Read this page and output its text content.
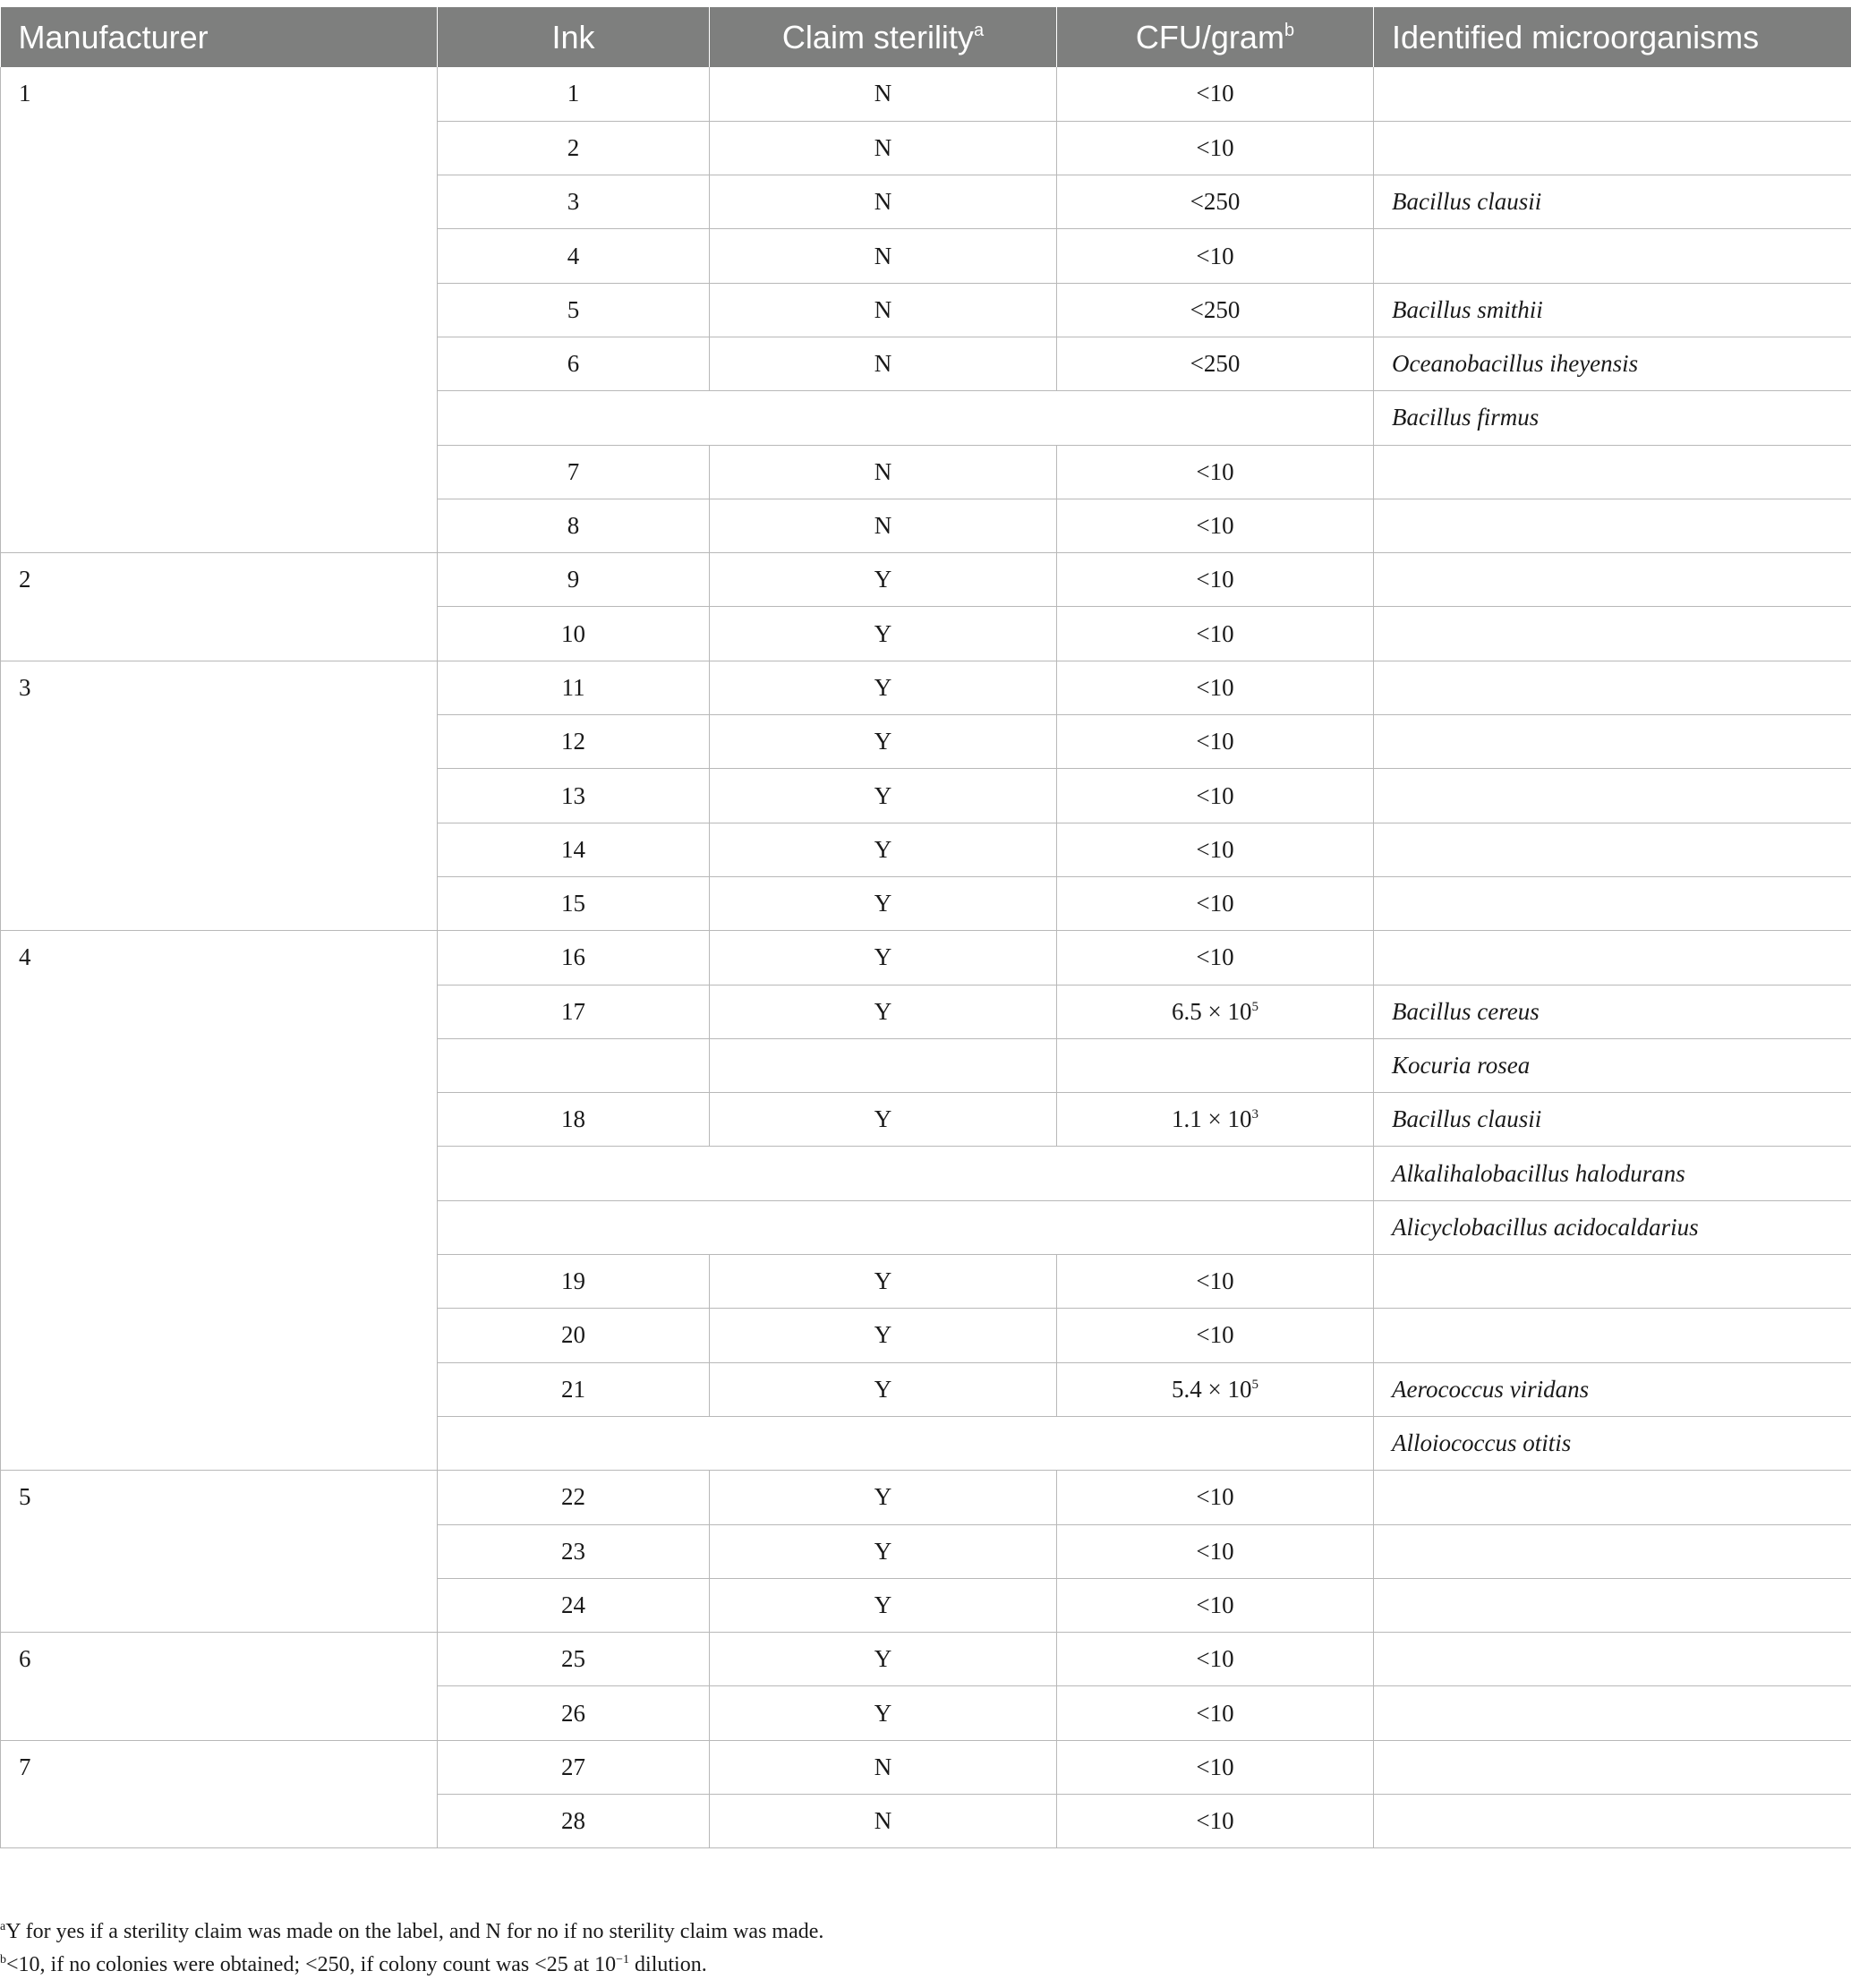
Manufacturer	Ink	Claim sterility$^a$	CFU/gram$^b$	Identified microorganisms
1	1	N	<10	
	2	N	<10	
	3	N	<250	Bacillus clausii
	4	N	<10	
	5	N	<250	Bacillus smithii
	6	N	<250	Oceanobacillus iheyensis
				Bacillus firmus
	7	N	<10	
	8	N	<10	
2	9	Y	<10	
	10	Y	<10	
3	11	Y	<10	
	12	Y	<10	
	13	Y	<10	
	14	Y	<10	
	15	Y	<10	
4	16	Y	<10	
	17	Y	$6.5 \times 10^5$	Bacillus cereus
				Kocuria rosea
	18	Y	$1.1 \times 10^3$	Bacillus clausii
				Alkalihalobacillus halodurans
				Alicyclobacillus acidocaldarius
	19	Y	<10	
	20	Y	<10	
	21	Y	$5.4 \times 10^5$	Aerococcus viridans
				Alloiococcus otitis
5	22	Y	<10	
	23	Y	<10	
	24	Y	<10	
6	25	Y	<10	
	26	Y	<10	
7	27	N	<10	
	28	N	<10	
$^a$Y for yes if a sterility claim was made on the label, and N for no if no sterility claim was made.
$^b$<10, if no colonies were obtained; <250, if colony count was <25 at $10^{-1}$ dilution.
